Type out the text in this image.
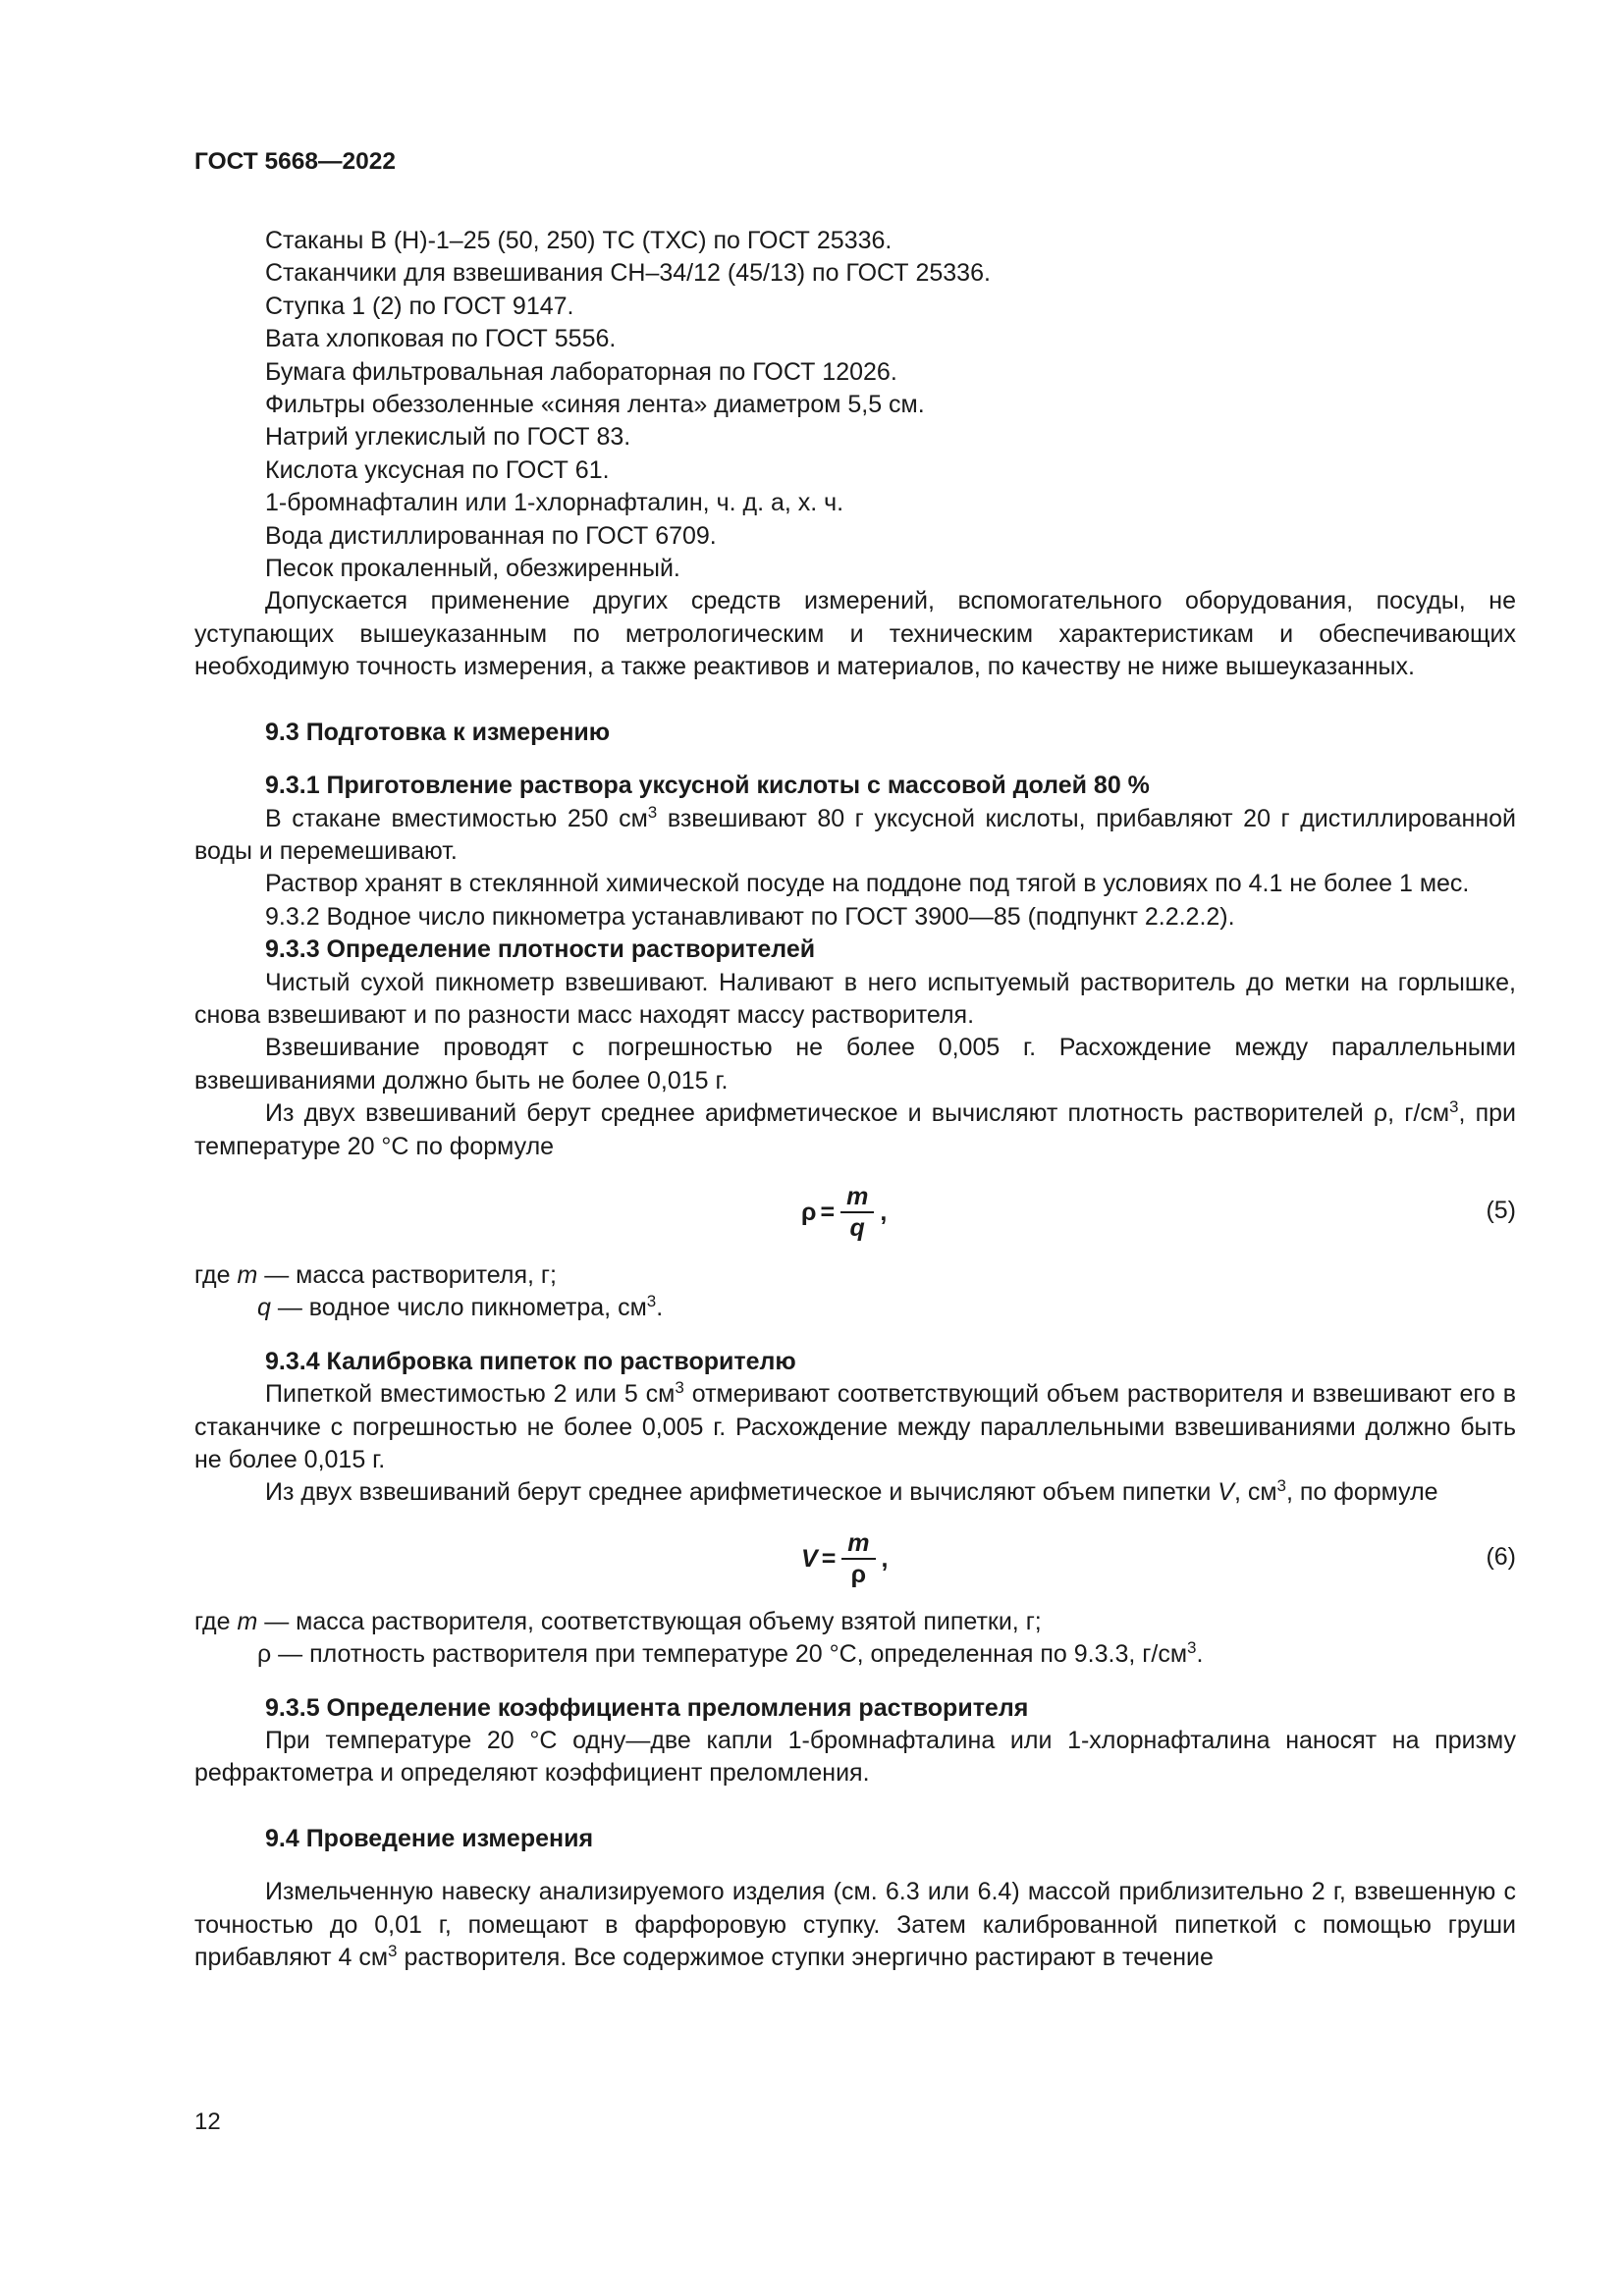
ГОСТ 5668—2022
Стаканы В (Н)-1–25 (50, 250) ТС (ТХС) по ГОСТ 25336.
Стаканчики для взвешивания СН–34/12 (45/13) по ГОСТ 25336.
Ступка 1 (2) по ГОСТ 9147.
Вата хлопковая по ГОСТ 5556.
Бумага фильтровальная лабораторная по ГОСТ 12026.
Фильтры обеззоленные «синяя лента» диаметром 5,5 см.
Натрий углекислый по ГОСТ 83.
Кислота уксусная по ГОСТ 61.
1-бромнафталин или 1-хлорнафталин, ч. д. а, х. ч.
Вода дистиллированная по ГОСТ 6709.
Песок прокаленный, обезжиренный.

Допускается применение других средств измерений, вспомогательного оборудования, посуды, не уступающих вышеуказанным по метрологическим и техническим характеристикам и обеспечивающих необходимую точность измерения, а также реактивов и материалов, по качеству не ниже вышеуказанных.

9.3 Подготовка к измерению

9.3.1 Приготовление раствора уксусной кислоты с массовой долей 80 %

В стакане вместимостью 250 $см^3$ взвешивают 80 г уксусной кислоты, прибавляют 20 г дистиллированной воды и перемешивают.

Раствор хранят в стеклянной химической посуде на поддоне под тягой в условиях по 4.1 не более 1 мес.

9.3.2 Водное число пикнометра устанавливают по ГОСТ 3900—85 (подпункт 2.2.2.2).

9.3.3 Определение плотности растворителей

Чистый сухой пикнометр взвешивают. Наливают в него испытуемый растворитель до метки на горлышке, снова взвешивают и по разности масс находят массу растворителя.

Взвешивание проводят с погрешностью не более 0,005 г. Расхождение между параллельными взвешиваниями должно быть не более 0,015 г.

Из двух взвешиваний берут среднее арифметическое и вычисляют плотность растворителей ρ, $г/см^3$, при температуре 20 °C по формуле

$\rho = \frac{m}{q}$ ,	(5)

где m — масса растворителя, г;

q — водное число пикнометра, $см^3$.

9.3.4 Калибровка пипеток по растворителю

Пипеткой вместимостью 2 или 5 $см^3$ отмеривают соответствующий объем растворителя и взвешивают его в стаканчике с погрешностью не более 0,005 г. Расхождение между параллельными взвешиваниями должно быть не более 0,015 г.

Из двух взвешиваний берут среднее арифметическое и вычисляют объем пипетки V, $см^3$, по формуле

$V = \frac{m}{\rho}$ ,	(6)

где m — масса растворителя, соответствующая объему взятой пипетки, г;

ρ — плотность растворителя при температуре 20 °C, определенная по 9.3.3, $г/см^3$.

9.3.5 Определение коэффициента преломления растворителя

При температуре 20 °C одну—две капли 1-бромнафталина или 1-хлорнафталина наносят на призму рефрактометра и определяют коэффициент преломления.

9.4 Проведение измерения

Измельченную навеску анализируемого изделия (см. 6.3 или 6.4) массой приблизительно 2 г, взвешенную с точностью до 0,01 г, помещают в фарфоровую ступку. Затем калиброванной пипеткой с помощью груши прибавляют 4 $см^3$ растворителя. Все содержимое ступки энергично растирают в течение

12
